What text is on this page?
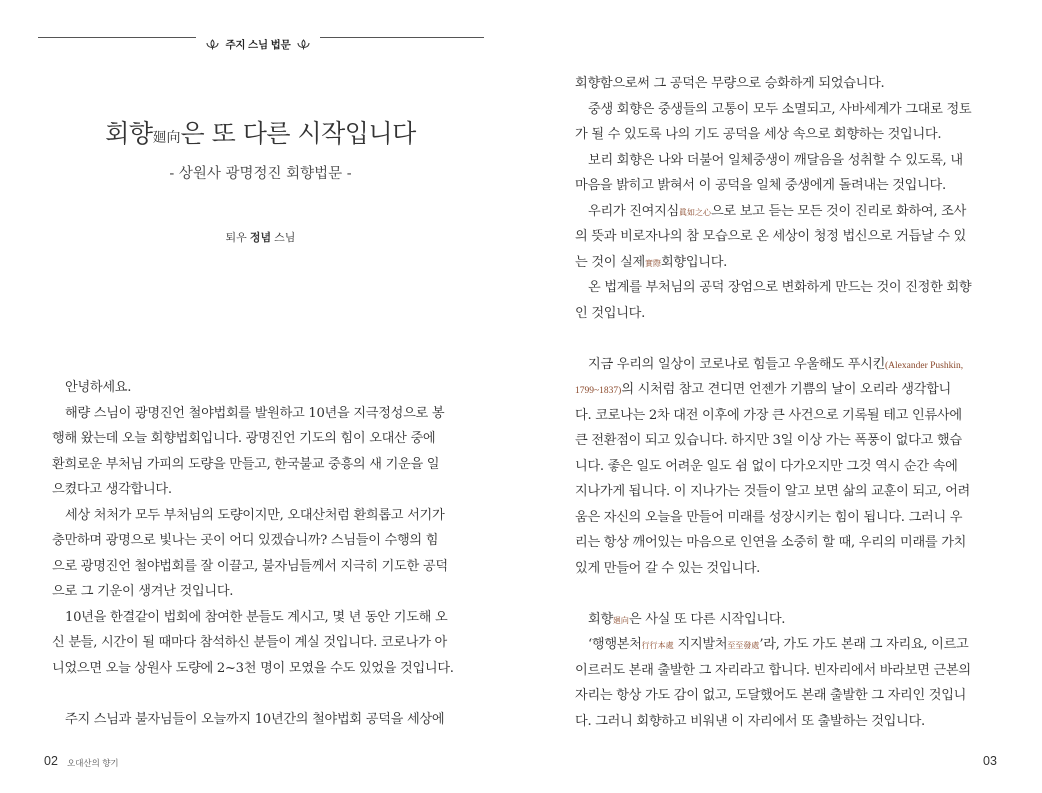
주지 스님 법문
회향廻向은 또 다른 시작입니다
- 상원사 광명정진 회향법문 -
퇴우 정념 스님
안녕하세요.
해량 스님이 광명진언 철야법회를 발원하고 10년을 지극정성으로 봉
행해 왔는데 오늘 회향법회입니다. 광명진언 기도의 힘이 오대산 중에
환희로운 부처님 가피의 도량을 만들고, 한국불교 중흥의 새 기운을 일
으켰다고 생각합니다.
세상 처처가 모두 부처님의 도량이지만, 오대산처럼 환희롭고 서기가
충만하며 광명으로 빛나는 곳이 어디 있겠습니까? 스님들이 수행의 힘
으로 광명진언 철야법회를 잘 이끌고, 불자님들께서 지극히 기도한 공덕
으로 그 기운이 생겨난 것입니다.
10년을 한결같이 법회에 참여한 분들도 계시고, 몇 년 동안 기도해 오
신 분들, 시간이 될 때마다 참석하신 분들이 계실 것입니다. 코로나가 아
니었으면 오늘 상원사 도량에 2~3천 명이 모였을 수도 있었을 것입니다.
주지 스님과 불자님들이 오늘까지 10년간의 철야법회 공덕을 세상에
02 오대산의 향기
회향함으로써 그 공덕은 무량으로 승화하게 되었습니다.
중생 회향은 중생들의 고통이 모두 소멸되고, 사바세계가 그대로 정토
가 될 수 있도록 나의 기도 공덕을 세상 속으로 회향하는 것입니다.
보리 회향은 나와 더불어 일체중생이 깨달음을 성취할 수 있도록, 내
마음을 밝히고 밝혀서 이 공덕을 일체 중생에게 돌려내는 것입니다.
우리가 진여지심眞如之心으로 보고 듣는 모든 것이 진리로 화하여, 조사
의 뜻과 비로자나의 참 모습으로 온 세상이 청정 법신으로 거듭날 수 있
는 것이 실제實際회향입니다.
온 법계를 부처님의 공덕 장엄으로 변화하게 만드는 것이 진정한 회향
인 것입니다.
지금 우리의 일상이 코로나로 힘들고 우울해도 푸시킨(Alexander Pushkin,
1799~1837)의 시처럼 참고 견디면 언젠가 기쁨의 날이 오리라 생각합니
다. 코로나는 2차 대전 이후에 가장 큰 사건으로 기록될 테고 인류사에
큰 전환점이 되고 있습니다. 하지만 3일 이상 가는 폭풍이 없다고 했습
니다. 좋은 일도 어려운 일도 쉼 없이 다가오지만 그것 역시 순간 속에
지나가게 됩니다. 이 지나가는 것들이 알고 보면 삶의 교훈이 되고, 어려
움은 자신의 오늘을 만들어 미래를 성장시키는 힘이 됩니다. 그러니 우
리는 항상 깨어있는 마음으로 인연을 소중히 할 때, 우리의 미래를 가치
있게 만들어 갈 수 있는 것입니다.
회향廻向은 사실 또 다른 시작입니다.
‘행행본처行行本處 지지발처至至發處’라, 가도 가도 본래 그 자리요, 이르고
이르러도 본래 출발한 그 자리라고 합니다. 빈자리에서 바라보면 근본의
자리는 항상 가도 감이 없고, 도달했어도 본래 출발한 그 자리인 것입니
다. 그러니 회향하고 비워낸 이 자리에서 또 출발하는 것입니다.
03
